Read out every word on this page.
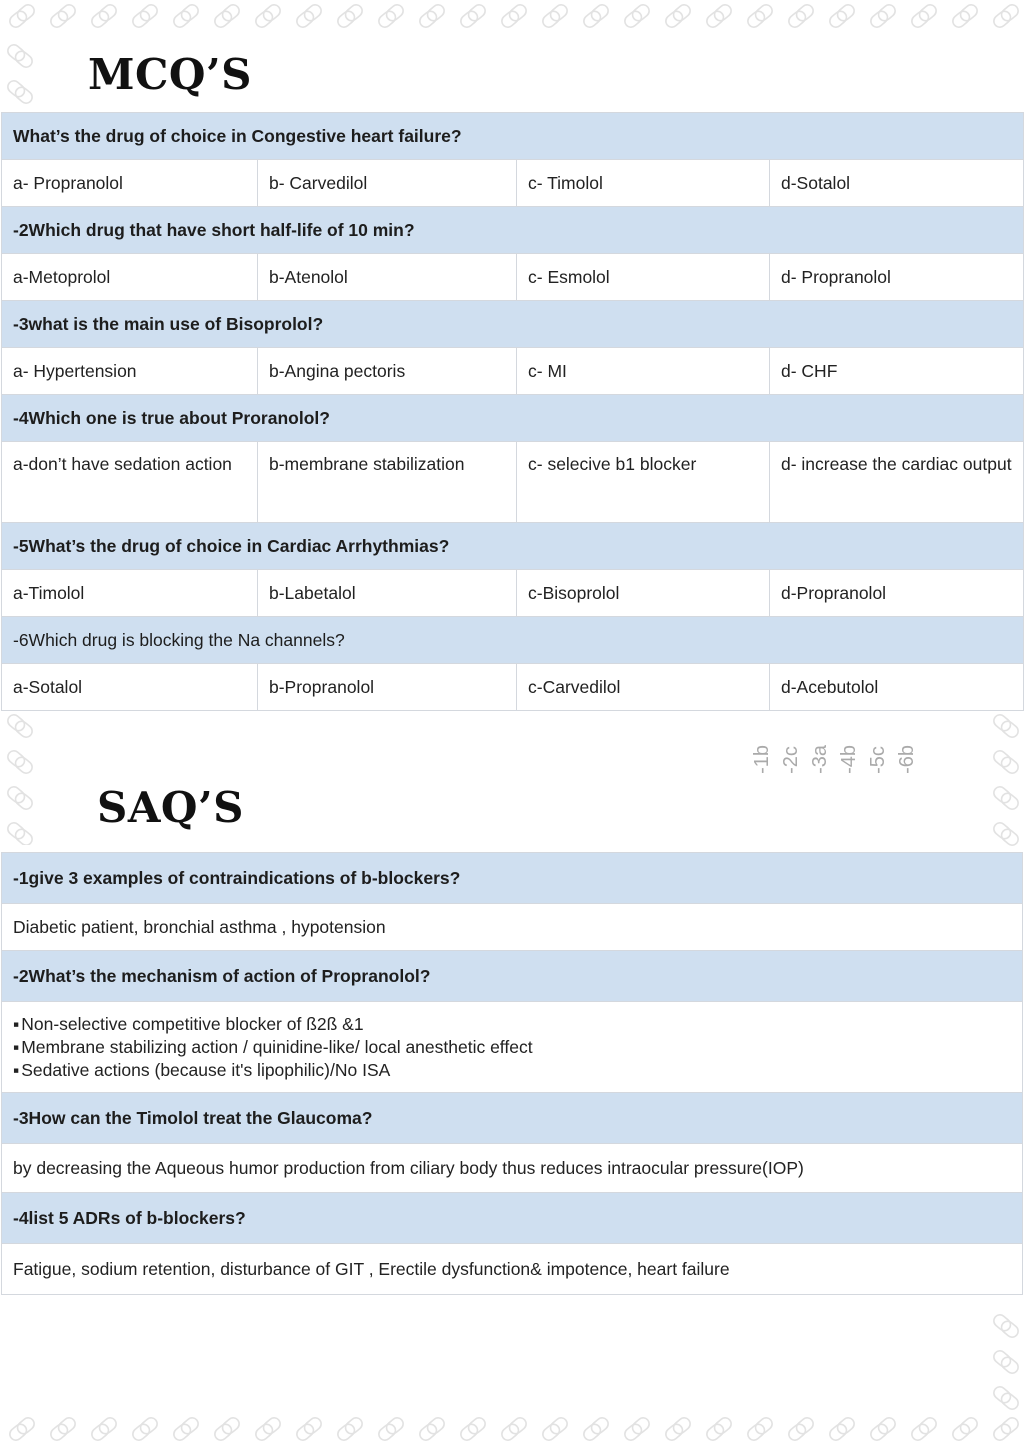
MCQ’S
What’s the drug of choice in Congestive heart failure?			
a- Propranolol	b- Carvedilol	c- Timolol	d-Sotalol
-2Which drug that have short half-life of 10 min?			
a-Metoprolol	b-Atenolol	c- Esmolol	d- Propranolol
-3what is the main use of Bisoprolol?			
a- Hypertension	b-Angina pectoris	c- MI	d- CHF
-4Which one is true about Proranolol?			
a-don’t have sedation action	b-membrane stabilization	c- selecive b1 blocker	d- increase the cardiac output
-5What’s the drug of choice in Cardiac Arrhythmias?			
a-Timolol	b-Labetalol	c-Bisoprolol	d-Propranolol
-6Which drug is blocking the Na channels?			
a-Sotalol	b-Propranolol	c-Carvedilol	d-Acebutolol
-1b -2c -3a -4b -5c -6b
SAQ’S
-1give 3 examples of contraindications of b-blockers?
Diabetic patient, bronchial asthma , hypotension
-2What’s the mechanism of action of Propranolol?

▪ Non-selective competitive blocker of ß2ß &1
▪ Membrane stabilizing action / quinidine-like/ local anesthetic effect
▪ Sedative actions (because it's lipophilic)/No ISA

-3How can the Timolol treat the Glaucoma?
by decreasing the Aqueous humor production from ciliary body thus reduces intraocular pressure(IOP)
-4list 5 ADRs of b-blockers?
Fatigue, sodium retention, disturbance of GIT , Erectile dysfunction& impotence, heart failure
